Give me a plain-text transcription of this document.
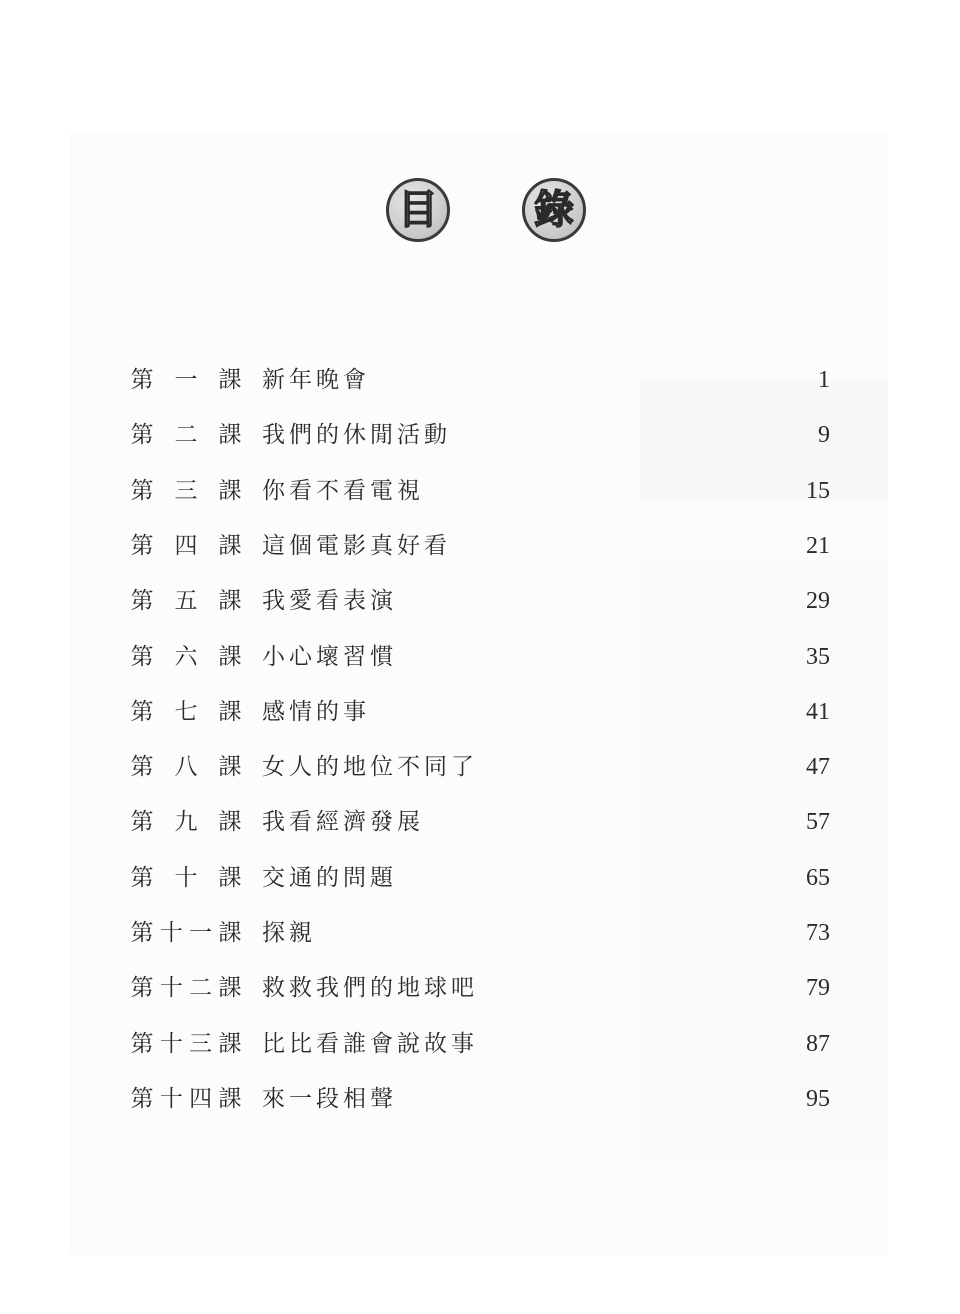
目	錄
第 一 課 新年晚會	1
第 二 課 我們的休閒活動	9
第 三 課 你看不看電視	15
第 四 課 這個電影真好看	21
第 五 課 我愛看表演	29
第 六 課 小心壞習慣	35
第 七 課 感情的事	41
第 八 課 女人的地位不同了	47
第 九 課 我看經濟發展	57
第 十 課 交通的問題	65
第 十 一 課 探親	73
第 十 二 課 救救我們的地球吧	79
第 十 三 課 比比看誰會說故事	87
第 十 四 課 來一段相聲	95
